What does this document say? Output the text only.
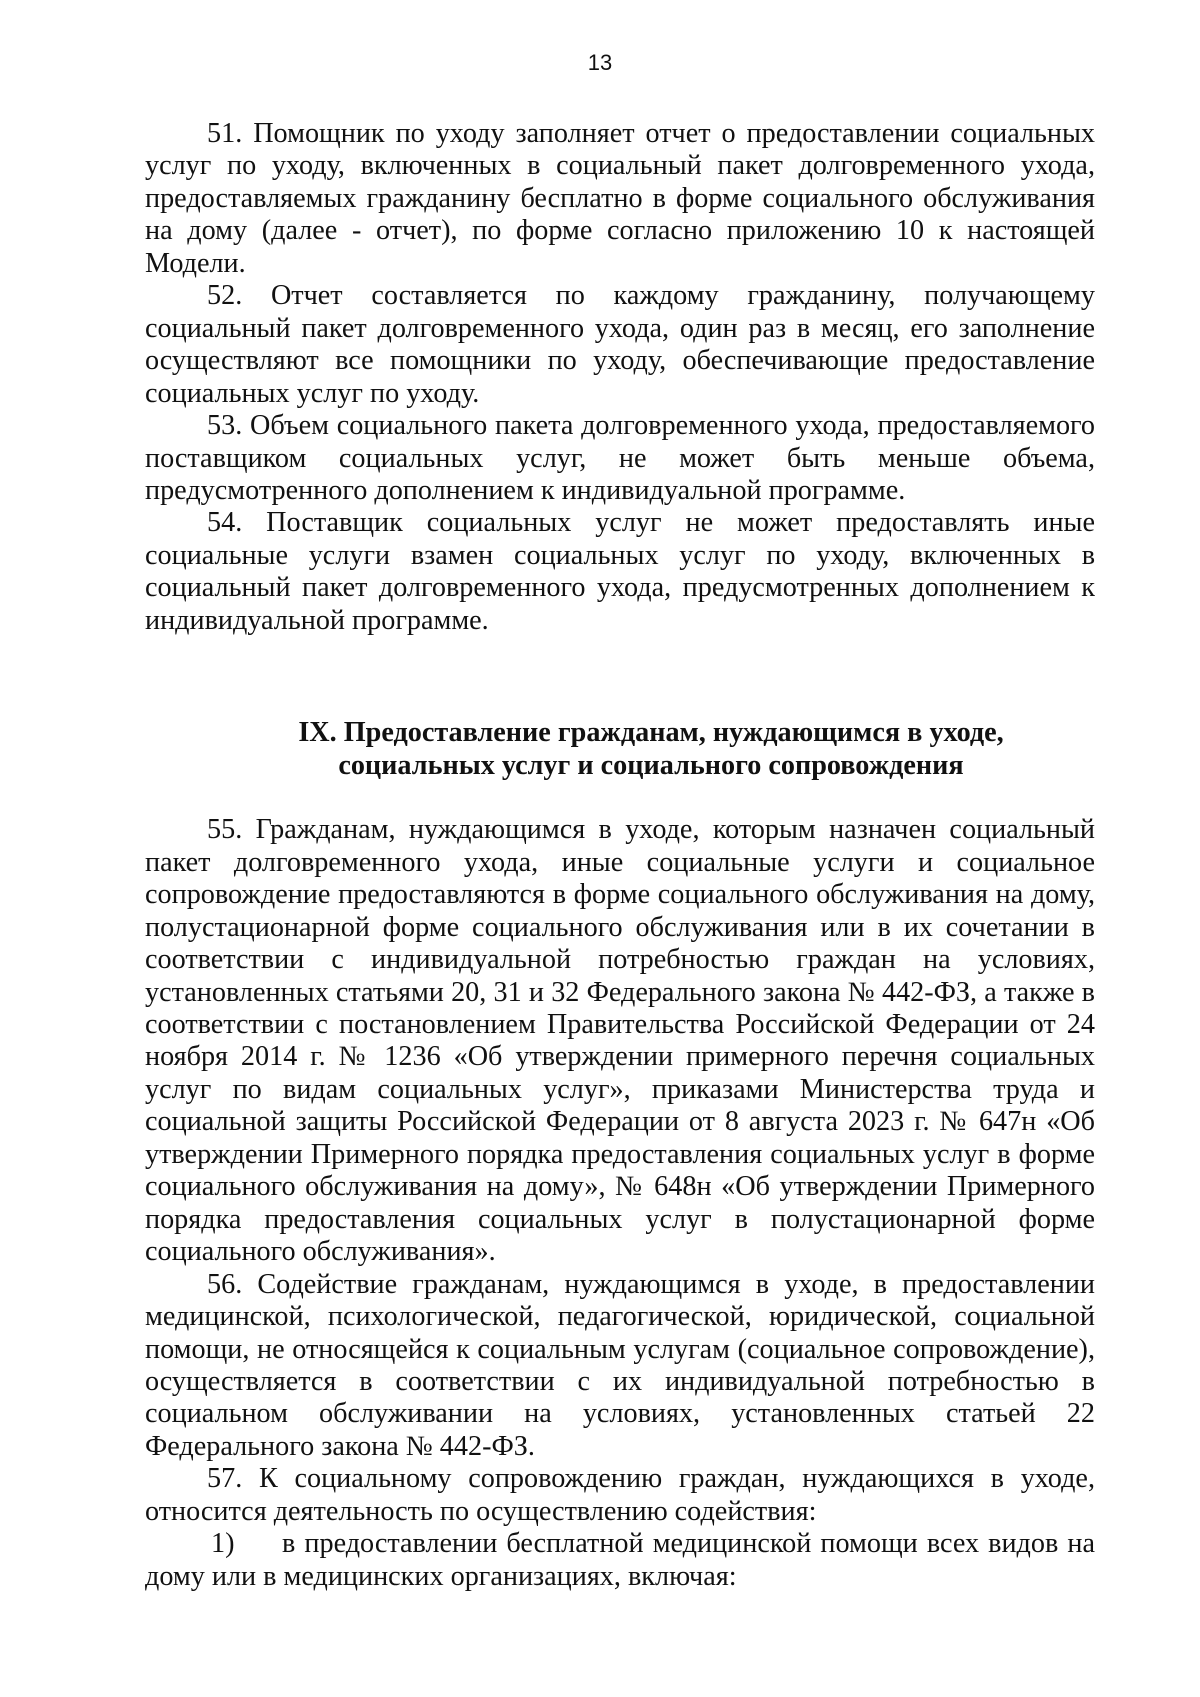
13

51. Помощник по уходу заполняет отчет о предоставлении социальных услуг по уходу, включенных в социальный пакет долговременного ухода, предоставляемых гражданину бесплатно в форме социального обслуживания на дому (далее - отчет), по форме согласно приложению 10 к настоящей Модели.

52. Отчет составляется по каждому гражданину, получающему социальный пакет долговременного ухода, один раз в месяц, его заполнение осуществляют все помощники по уходу, обеспечивающие предоставление социальных услуг по уходу.

53. Объем социального пакета долговременного ухода, предоставляемого поставщиком социальных услуг, не может быть меньше объема, предусмотренного дополнением к индивидуальной программе.

54. Поставщик социальных услуг не может предоставлять иные социальные услуги взамен социальных услуг по уходу, включенных в социальный пакет долговременного ухода, предусмотренных дополнением к индивидуальной программе.

IX. Предоставление гражданам, нуждающимся в уходе,
социальных услуг и социального сопровождения

55. Гражданам, нуждающимся в уходе, которым назначен социальный пакет долговременного ухода, иные социальные услуги и социальное сопровождение предоставляются в форме социального обслуживания на дому, полустационарной форме социального обслуживания или в их сочетании в соответствии с индивидуальной потребностью граждан на условиях, установленных статьями 20, 31 и 32 Федерального закона № 442-ФЗ, а также в соответствии с постановлением Правительства Российской Федерации от 24 ноября 2014 г. № 1236 «Об утверждении примерного перечня социальных услуг по видам социальных услуг», приказами Министерства труда и социальной защиты Российской Федерации от 8 августа 2023 г. № 647н «Об утверждении Примерного порядка предоставления социальных услуг в форме социального обслуживания на дому», № 648н «Об утверждении Примерного порядка предоставления социальных услуг в полустационарной форме социального обслуживания».

56. Содействие гражданам, нуждающимся в уходе, в предоставлении медицинской, психологической, педагогической, юридической, социальной помощи, не относящейся к социальным услугам (социальное сопровождение), осуществляется в соответствии с их индивидуальной потребностью в социальном обслуживании на условиях, установленных статьей 22 Федерального закона № 442-ФЗ.

57. К социальному сопровождению граждан, нуждающихся в уходе, относится деятельность по осуществлению содействия:

1) в предоставлении бесплатной медицинской помощи всех видов на дому или в медицинских организациях, включая:
